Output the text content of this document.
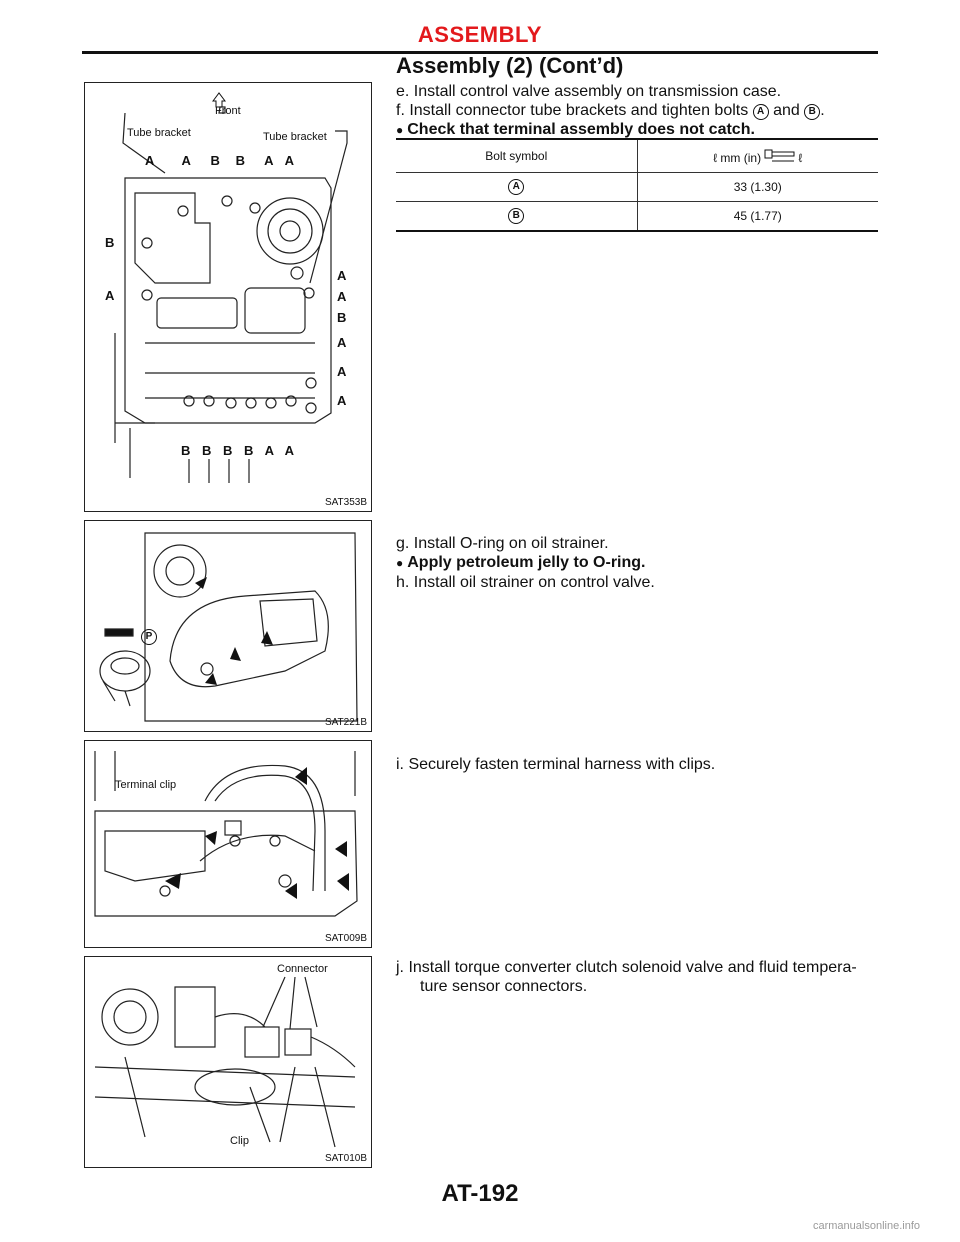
ASSEMBLY
Assembly (2) (Cont’d)
Front
Tube bracket	Tube bracket
A A B B A A
B
A
A
A
B
A
A
A
B B B B A A
SAT353B
P
SAT221B
Terminal clip
SAT009B
Connector
Clip
SAT010B
e. Install control valve assembly on transmission case.
f. Install connector tube brackets and tighten bolts A and B .
● Check that terminal assembly does not catch.
Bolt symbol	ℓ mm (in) ℓ
A	33 (1.30)
B	45 (1.77)
g. Install O-ring on oil strainer.
● Apply petroleum jelly to O-ring.
h. Install oil strainer on control valve.
i. Securely fasten terminal harness with clips.
j. Install torque converter clutch solenoid valve and fluid tempera-
ture sensor connectors.
AT-192
carmanualsonline.info
